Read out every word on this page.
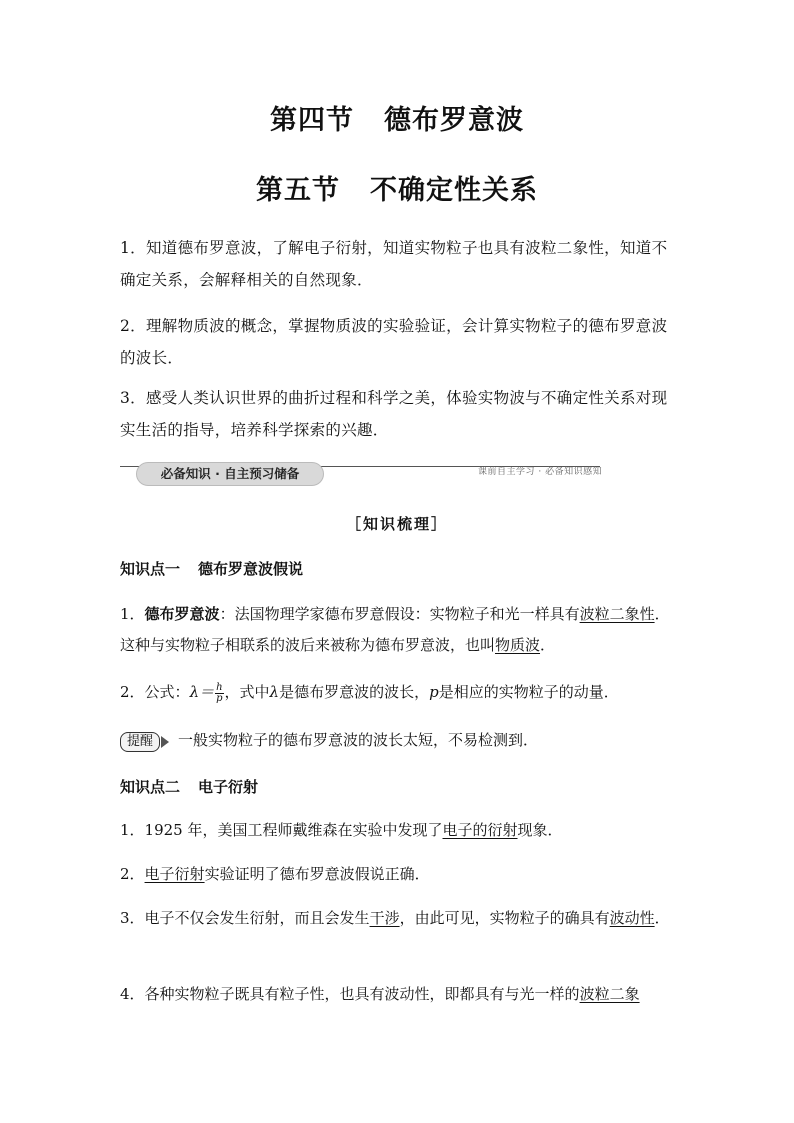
第四节 德布罗意波
第五节 不确定性关系
1．知道德布罗意波，了解电子衍射，知道实物粒子也具有波粒二象性，知道不确定关系，会解释相关的自然现象．
2．理解物质波的概念，掌握物质波的实验验证，会计算实物粒子的德布罗意波的波长．
3．感受人类认识世界的曲折过程和科学之美，体验实物波与不确定性关系对现实生活的指导，培养科学探索的兴趣．
必备知识 · 自主预习储备	课前自主学习 · 必备知识感知
［知识梳理］
知识点一 德布罗意波假说
1．德布罗意波：法国物理学家德布罗意假设：实物粒子和光一样具有波粒二象性．这种与实物粒子相联系的波后来被称为德布罗意波，也叫物质波．
2．公式：$\lambda= \frac{h}{p}$ ，式中λ是德布罗意波的波长，p是相应的实物粒子的动量．
提醒 一般实物粒子的德布罗意波的波长太短，不易检测到．
知识点二 电子衍射
1．1925 年，美国工程师戴维森在实验中发现了电子的衍射现象．
2．电子衍射实验证明了德布罗意波假说正确．
3．电子不仅会发生衍射，而且会发生干涉，由此可见，实物粒子的确具有波动性．
4．各种实物粒子既具有粒子性，也具有波动性，即都具有与光一样的波粒二象
